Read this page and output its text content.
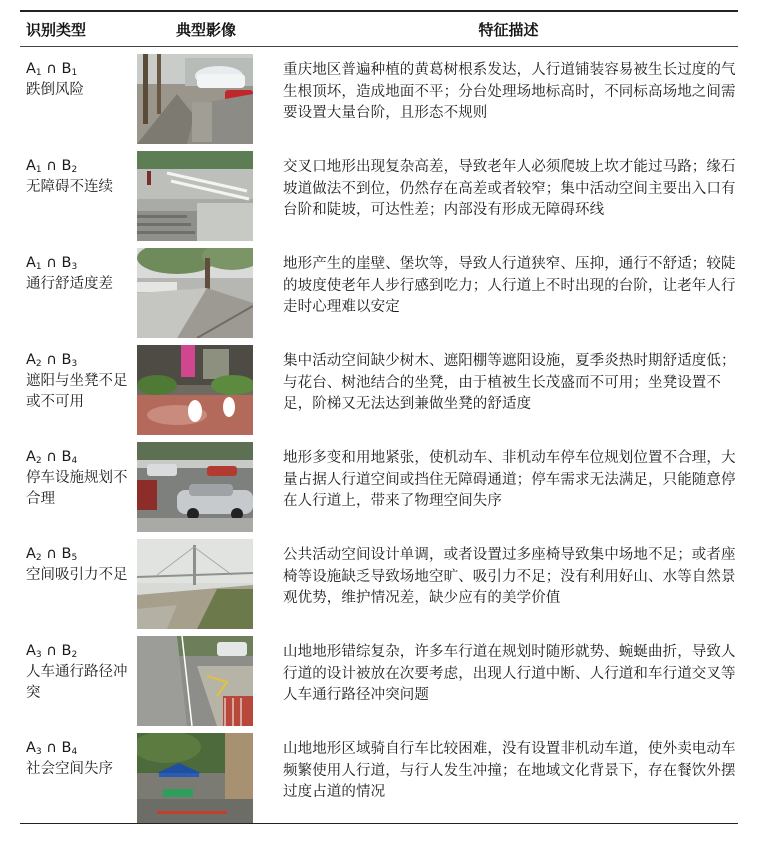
识别类型	典型影像	特征描述

$A_1$ ∩ $B_1$
跌倒风险		重庆地区普遍种植的黄葛树根系发达，人行道铺装容易被生长过度的气生根顶坏，造成地面不平；分台处理场地标高时，不同标高场地之间需要设置大量台阶，且形态不规则

$A_1$ ∩ $B_2$
无障碍不连续		交叉口地形出现复杂高差，导致老年人必须爬坡上坎才能过马路；缘石坡道做法不到位，仍然存在高差或者较窄；集中活动空间主要出入口有台阶和陡坡，可达性差；内部没有形成无障碍环线

$A_1$ ∩ $B_3$
通行舒适度差		地形产生的崖壁、堡坎等，导致人行道狭窄、压抑，通行不舒适；较陡的坡度使老年人步行感到吃力；人行道上不时出现的台阶，让老年人行走时心理难以安定

$A_2$ ∩ $B_3$
遮阳与坐凳不足或不可用		集中活动空间缺少树木、遮阳棚等遮阳设施，夏季炎热时期舒适度低；与花台、树池结合的坐凳，由于植被生长茂盛而不可用；坐凳设置不足，阶梯又无法达到兼做坐凳的舒适度

$A_2$ ∩ $B_4$
停车设施规划不合理		地形多变和用地紧张，使机动车、非机动车停车位规划位置不合理，大量占据人行道空间或挡住无障碍通道；停车需求无法满足，只能随意停在人行道上，带来了物理空间失序

$A_2$ ∩ $B_5$
空间吸引力不足		公共活动空间设计单调，或者设置过多座椅导致集中场地不足；或者座椅等设施缺乏导致场地空旷、吸引力不足；没有利用好山、水等自然景观优势，维护情况差，缺少应有的美学价值

$A_3$ ∩ $B_2$
人车通行路径冲突		山地地形错综复杂，许多车行道在规划时随形就势、蜿蜒曲折，导致人行道的设计被放在次要考虑，出现人行道中断、人行道和车行道交叉等人车通行路径冲突问题

$A_3$ ∩ $B_4$
社会空间失序		山地地形区域骑自行车比较困难，没有设置非机动车道，使外卖电动车频繁使用人行道，与行人发生冲撞；在地域文化背景下，存在餐饮外摆过度占道的情况
